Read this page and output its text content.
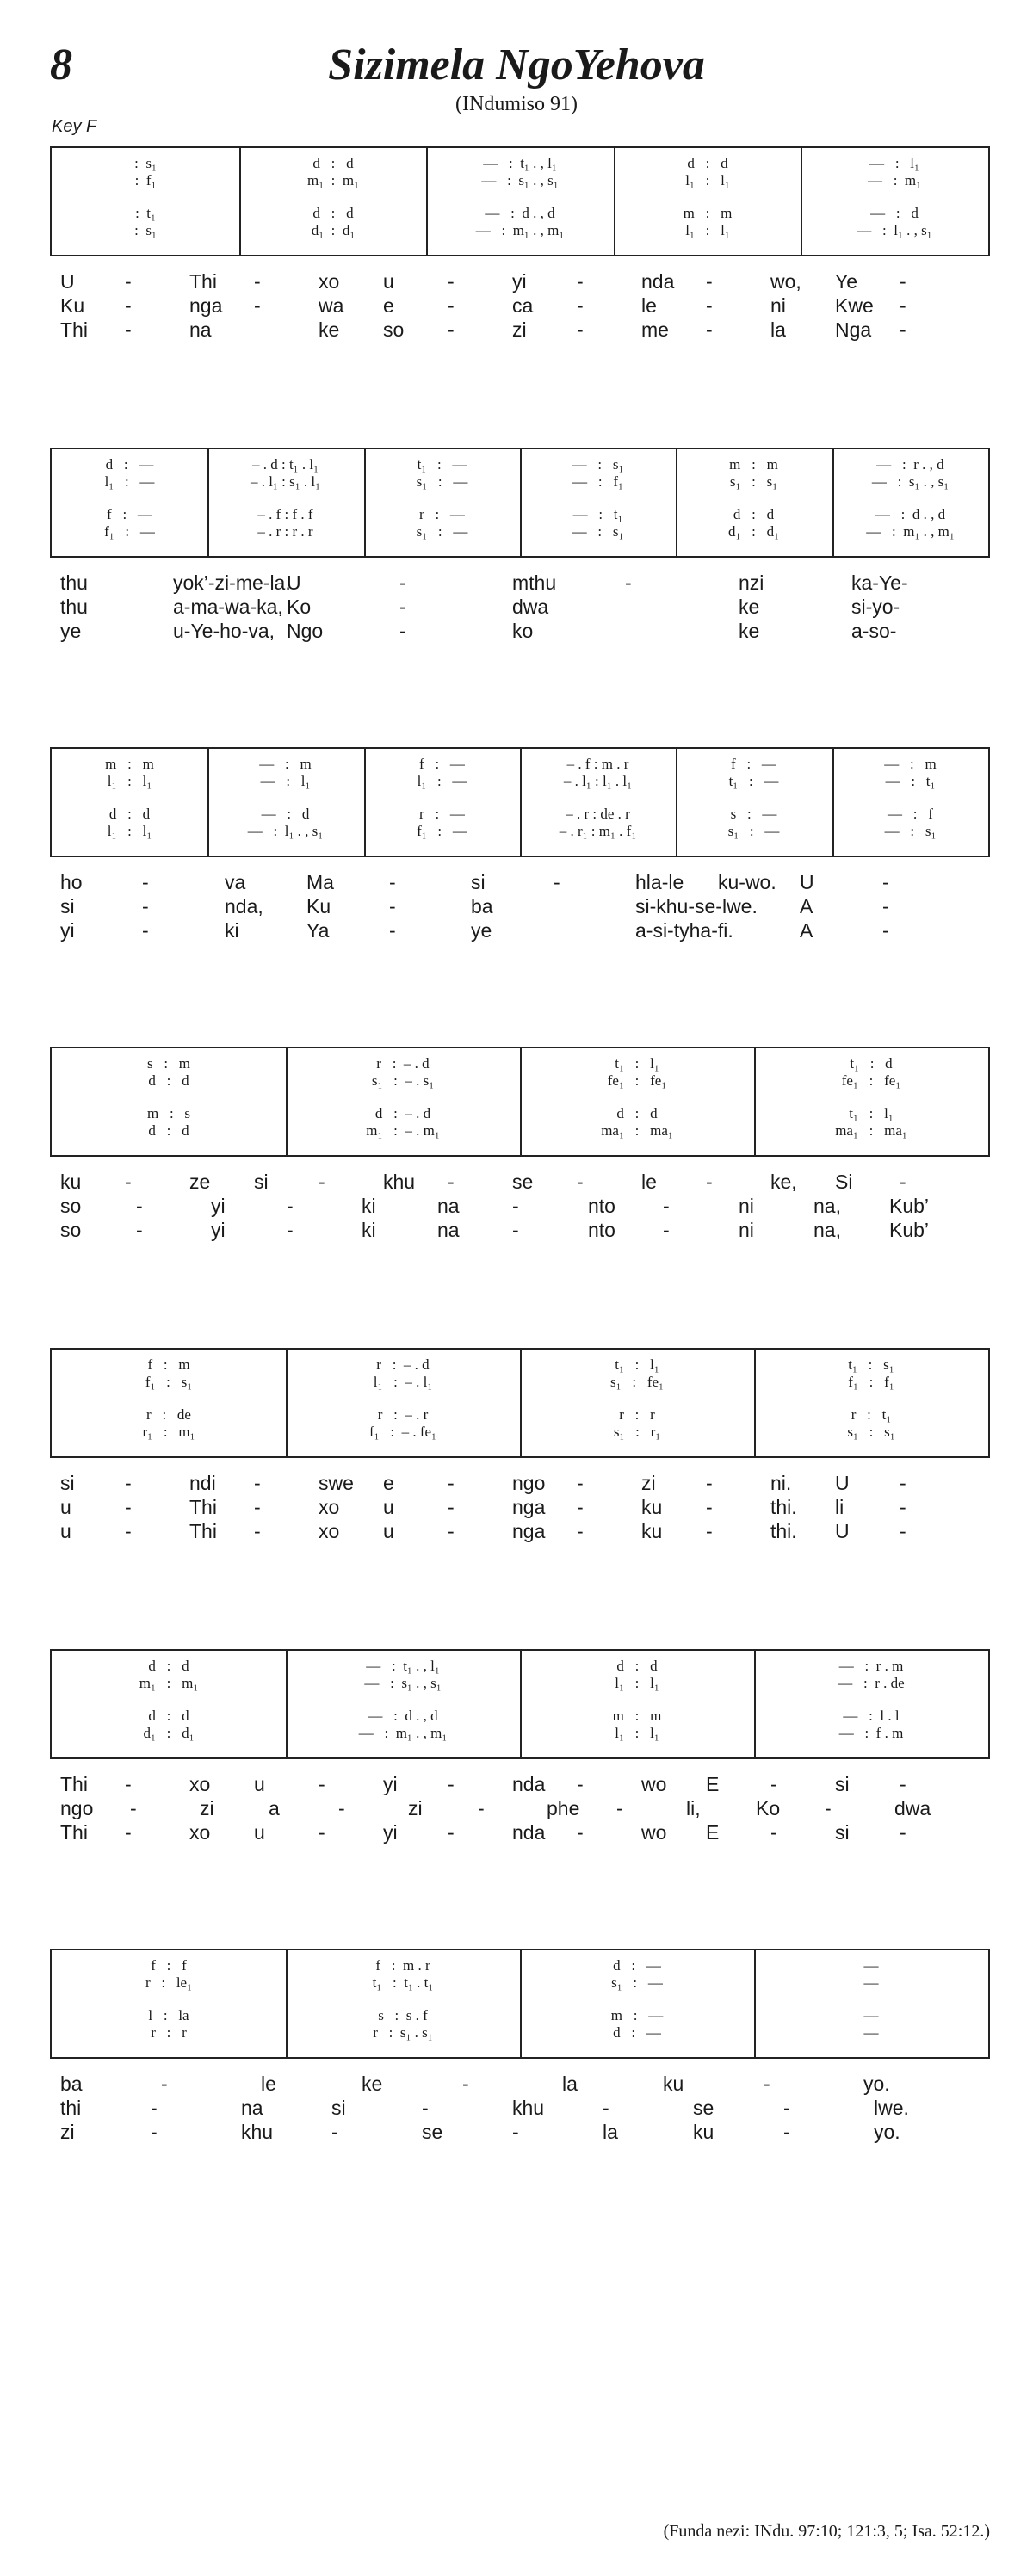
8	Sizimela NgoYehova
(INdumiso 91)
Key F
:  s₁	d   :   d	—   :  t₁ . , l₁	d   :   d	—   :   l₁
:  f₁	m₁  :  m₁	—   :  s₁ . , s₁	l₁   :   l₁	—   :  m₁
:  t₁	d   :   d	—   :  d . , d	m   :   m	—   :   d
:  s₁	d₁  :  d₁	—   :  m₁ . , m₁	l₁   :   l₁	—   :  l₁ . , s₁
U	-	Thi -	xo u	-	yi	-	nda -	wo, Ye -
Ku -	nga -	wa e	-	ca -	le -	ni Kwe -
Thi -	na	ke so -	zi	-	me -	la Nga -
d   :   —	– . d : t₁ . l₁	t₁   :   —	—   :   s₁	m   :   m	—   :  r . , d
l₁   :   —	– . l₁ : s₁ . l₁	s₁   :   —	—   :   f₁	s₁   :   s₁	—   :  s₁ . , s₁
f   :   —	– . f : f . f	r   :   —	—   :   t₁	d   :   d	—   :  d . , d
f₁   :   —	– . r : r . r	s₁   :   —	—   :   s₁	d₁   :   d₁	—   :  m₁ . , m₁
thu	yok’-zi-me-la.
U	-	mthu	-	nzi	ka-Ye-
thu	a-ma-wa-ka, Ko	-	dwa	ke	si-yo-
ye	u-Ye-ho-va, Ngo	-	ko	ke	a-so-
m   :   m	—   :   m	f   :   —	– . f : m . r	f   :   —	—   :   m
l₁   :   l₁	—   :   l₁	l₁   :   —	– . l₁ : l₁ . l₁	t₁   :   —	—   :   t₁
d   :   d	—   :   d	r   :   —	– . r : de . r	s   :   —	—   :   f
l₁   :   l₁	—   :  l₁ . , s₁	f₁   :   —	– . r₁ : m₁ . f₁	s₁   :   —	—   :   s₁
ho	-	va	Ma	-	si	-	hla-le ku-wo. U	-
si	-	nda, Ku	-	ba	si-khu-se-lwe. A	-
yi	-	ki	Ya	-	ye	a-si-tyha-fi.	A	-
s   :   m	r   :  – . d	t₁   :   l₁	t₁   :   d
d   :   d	s₁   :  – . s₁	fe₁   :   fe₁	fe₁   :   fe₁
m   :   s	d   :  – . d	d   :   d	t₁   :   l₁
d   :   d	m₁   :  – . m₁	ma₁   :   ma₁	ma₁   :   ma₁
ku -	ze si	-	khu -	se -	le -	ke, Si -
so	-	yi	-	ki	na	-	nto -	ni	na, Kub’
so	-	yi	-	ki	na	-	nto -	ni	na, Kub’
f   :   m	r   :  – . d	t₁   :   l₁	t₁   :   s₁
f₁   :   s₁	l₁   :  – . l₁	s₁   :   fe₁	f₁   :   f₁
r   :   de	r   :  – . r	r   :   r	r   :   t₁
r₁   :   m₁	f₁   :  – . fe₁	s₁   :   r₁	s₁   :   s₁
si	-	ndi -	swe e	-	ngo -	zi	-	ni. U	-
u	-	Thi -	xo u	-	nga -	ku -	thi. li	-
u	-	Thi -	xo u	-	nga -	ku -	thi. U	-
d   :   d	—   :  t₁ . , l₁	d   :   d	—   :  r . m
m₁   :   m₁	—   :  s₁ . , s₁	l₁   :   l₁	—   :  r . de
d   :   d	—   :  d . , d	m   :   m	—   :  l . l
d₁   :   d₁	—   :  m₁ . , m₁	l₁   :   l₁	—   :  f . m
Thi -	xo u	-	yi	-	nda -	wo E	-	si	-
ngo -	zi	a	-	zi	-	phe -	li,	Ko -	dwa
Thi -	xo u	-	yi	-	nda -	wo E	-	si	-
f   :   f	f   :  m . r	d   :   —	—
r   :   le₁	t₁   :  t₁ . t₁	s₁   :   —	—
l   :   la	s   :  s . f	m   :   —	—
r   :   r	r   :  s₁ . s₁	d   :   —	—
ba	-	le	ke	-	la	ku	-	yo.
thi	-	na	si	-	khu	-	se	-	lwe.
zi	-	khu	-	se	-	la	ku	-	yo.
(Funda nezi: INdu. 97:10; 121:3, 5; Isa. 52:12.)
